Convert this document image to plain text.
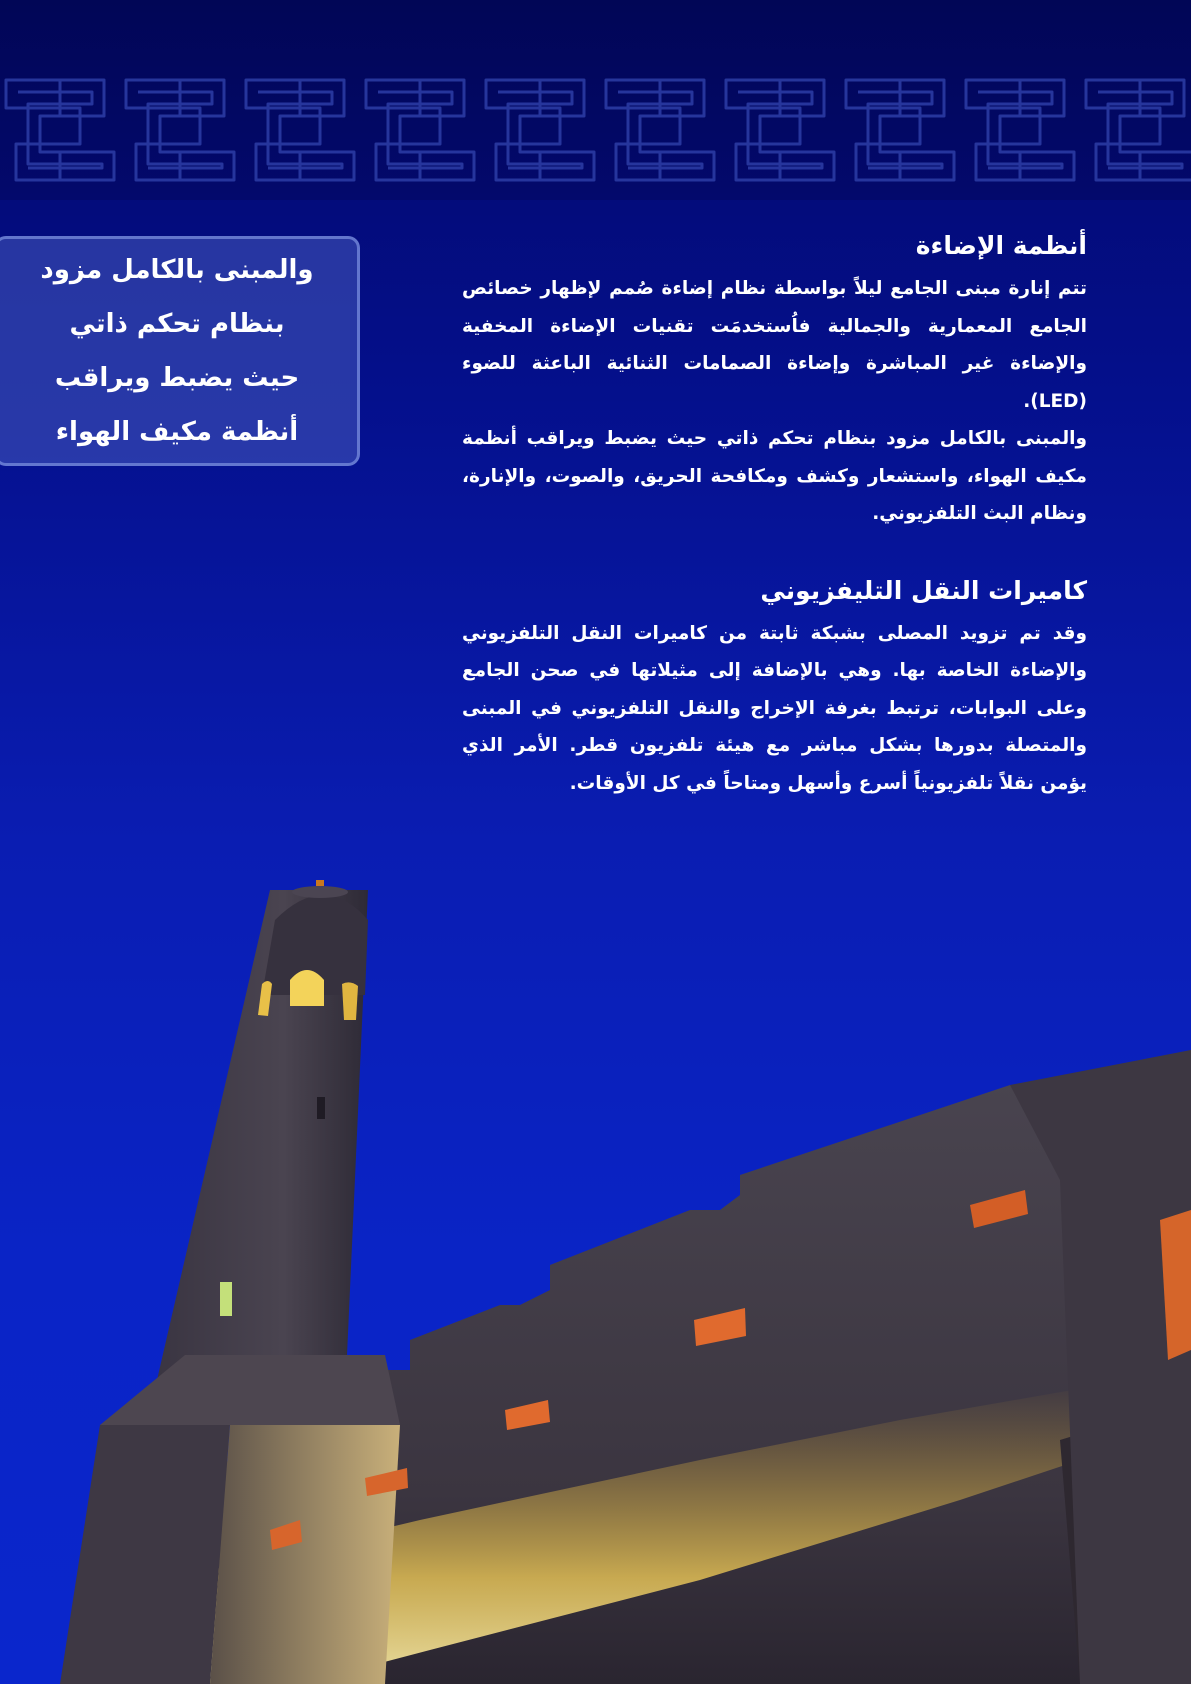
والمبنى بالكامل مزود
بنظام تحكم ذاتي
حيث يضبط ويراقب
أنظمة مكيف الهواء
أنظمة الإضاءة

تتم إنارة مبنى الجامع ليلاً بواسطة نظام إضاءة صُمم لإظهار خصائص الجامع المعمارية والجمالية فاُستخدمَت تقنيات الإضاءة المخفية والإضاءة غير المباشرة وإضاءة الصمامات الثنائية الباعثة للضوء (LED).

والمبنى بالكامل مزود بنظام تحكم ذاتي حيث يضبط ويراقب أنظمة مكيف الهواء، واستشعار وكشف ومكافحة الحريق، والصوت، والإنارة، ونظام البث التلفزيوني.

كاميرات النقل التليفزيوني

وقد تم تزويد المصلى بشبكة ثابتة من كاميرات النقل التلفزيوني والإضاءة الخاصة بها. وهي بالإضافة إلى مثيلاتها في صحن الجامع وعلى البوابات، ترتبط بغرفة الإخراج والنقل التلفزيوني في المبنى والمتصلة بدورها بشكل مباشر مع هيئة تلفزيون قطر. الأمر الذي يؤمن نقلاً تلفزيونياً أسرع وأسهل ومتاحاً في كل الأوقات.
